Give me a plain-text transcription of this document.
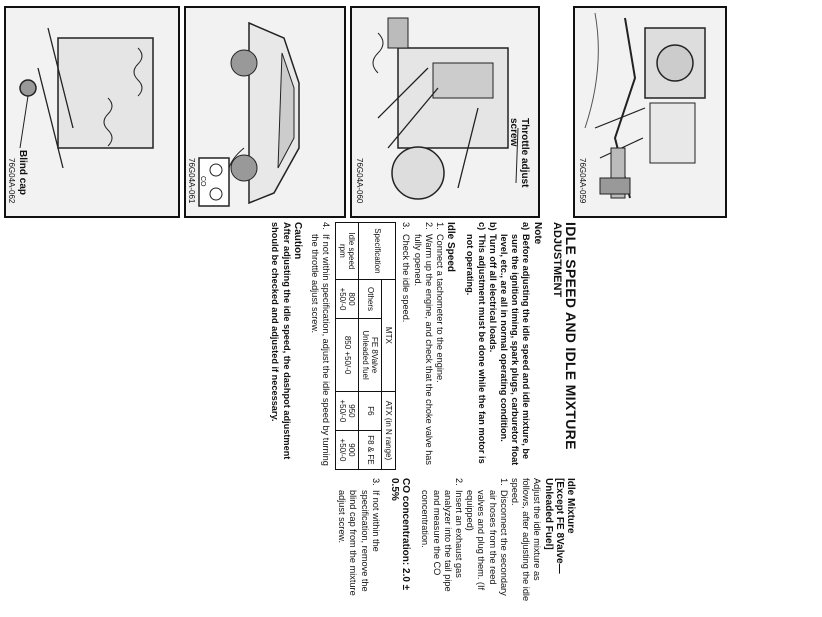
76G04A-059
Throttle adjust screw
76G04A-060
CO
76G04A-061
Blind cap
76G04A-062
IDLE SPEED AND IDLE MIXTURE
ADJUSTMENT
Note
a)
Before adjusting the idle speed and idle mixture, be sure the ignition timing, spark plugs, carburetor float level, etc., are all in normal operating condition.
b)
Turn off all electrical loads.
c)
This adjustment must be done while the fan motor is not operating.
Idle Speed
1.
Connect a tachometer to the engine.
2.
Warm up the engine, and check that the choke valve has fully opened.
3.
Check the idle speed.
Specification	MTX		ATX (in N range)	
	Others	FE 8Valve Unleaded fuel	F6	F8 & FE
Idle speed rpm	800 +50/-0	850 +50/-0	950 +50/-0	900 +50/-0
4.
If not within specification, adjust the idle speed by turning the throttle adjust screw.
Caution
After adjusting the idle speed, the dashpot adjustment should be checked and adjusted if necessary.
Idle Mixture
[Except FE 8Valve—Unleaded Fuel]
Adjust the idle mixture as follows, after adjusting the idle speed.
1.
Disconnect the secondary air hoses from the reed valves and plug them. (If equipped)
2.
Insert an exhaust gas analyzer into the tail pipe and measure the CO concentration.
CO concentration: 2.0 ± 0.5%
3.
If not within the specification, remove the blind cap from the mixture adjust screw.
